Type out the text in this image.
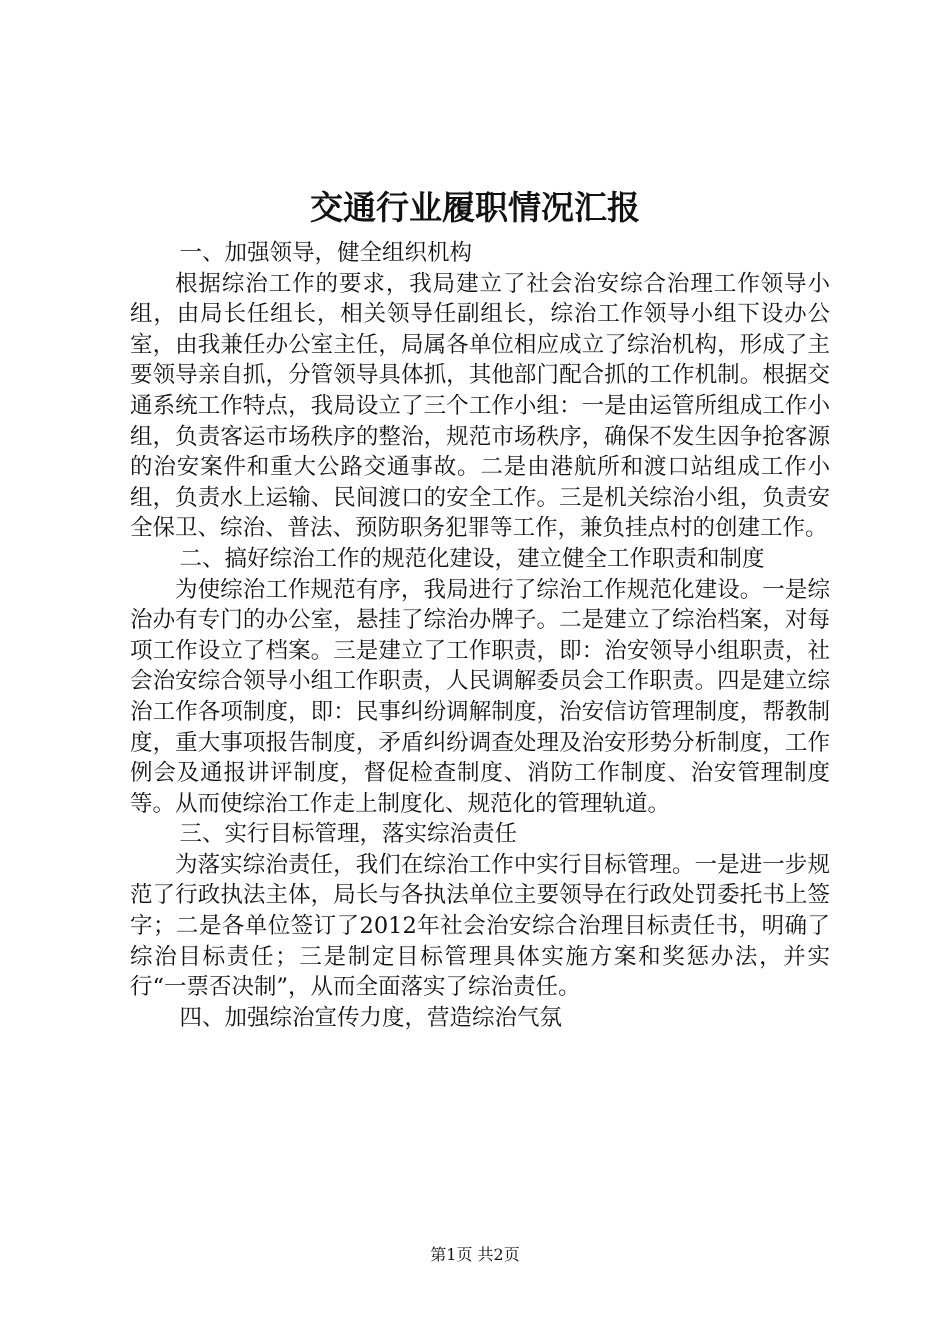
交通行业履职情况汇报

一、加强领导，健全组织机构

根据综治工作的要求，我局建立了社会治安综合治理工作领导小组，由局长任组长，相关领导任副组长，综治工作领导小组下设办公室，由我兼任办公室主任，局属各单位相应成立了综治机构，形成了主要领导亲自抓，分管领导具体抓，其他部门配合抓的工作机制。根据交通系统工作特点，我局设立了三个工作小组：一是由运管所组成工作小组，负责客运市场秩序的整治，规范市场秩序，确保不发生因争抢客源的治安案件和重大公路交通事故。二是由港航所和渡口站组成工作小组，负责水上运输、民间渡口的安全工作。三是机关综治小组，负责安全保卫、综治、普法、预防职务犯罪等工作，兼负挂点村的创建工作。

二、搞好综治工作的规范化建设，建立健全工作职责和制度

为使综治工作规范有序，我局进行了综治工作规范化建设。一是综治办有专门的办公室，悬挂了综治办牌子。二是建立了综治档案，对每项工作设立了档案。三是建立了工作职责，即：治安领导小组职责，社会治安综合领导小组工作职责，人民调解委员会工作职责。四是建立综治工作各项制度，即：民事纠纷调解制度，治安信访管理制度，帮教制度，重大事项报告制度，矛盾纠纷调查处理及治安形势分析制度，工作例会及通报讲评制度，督促检查制度、消防工作制度、治安管理制度等。从而使综治工作走上制度化、规范化的管理轨道。

三、实行目标管理，落实综治责任

为落实综治责任，我们在综治工作中实行目标管理。一是进一步规范了行政执法主体，局长与各执法单位主要领导在行政处罚委托书上签字；二是各单位签订了2012年社会治安综合治理目标责任书，明确了综治目标责任；三是制定目标管理具体实施方案和奖惩办法，并实行“一票否决制”，从而全面落实了综治责任。

四、加强综治宣传力度，营造综治气氛

第1页 共2页
